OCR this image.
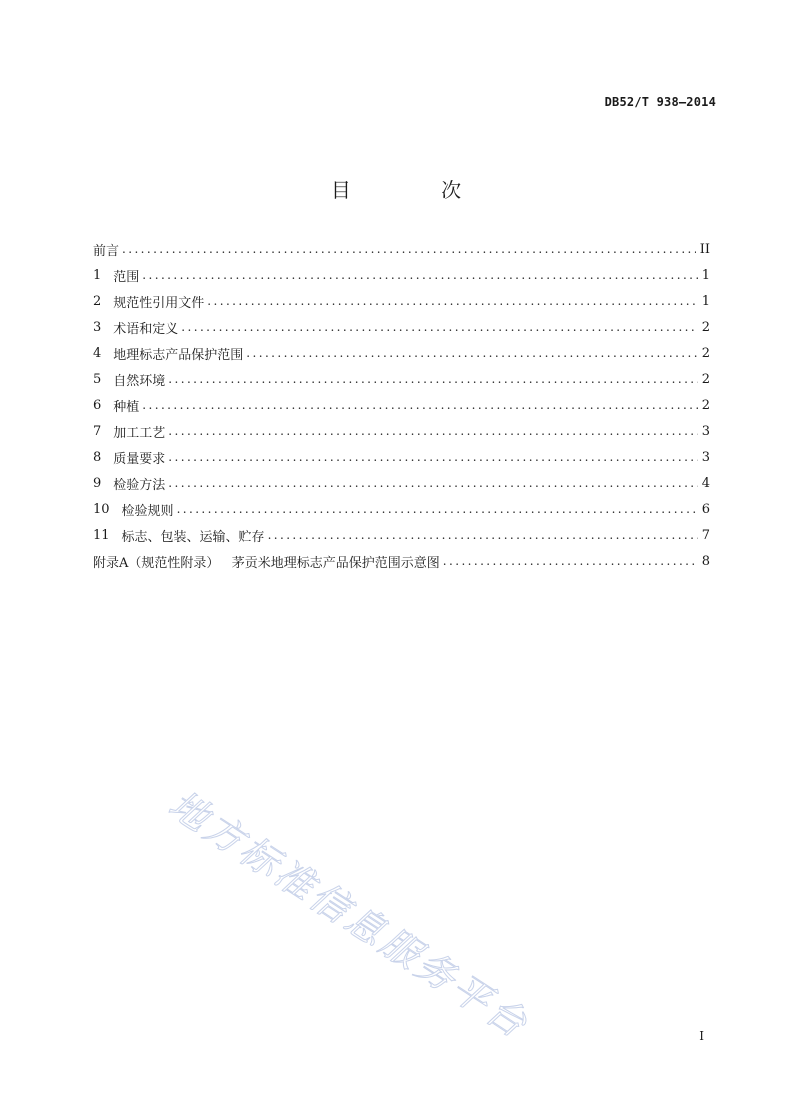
DB52/T 938—2014
目 次
前言 .....	II
1 范围 .....	1
2 规范性引用文件 .....	1
3 术语和定义 .....	2
4 地理标志产品保护范围 .....	2
5 自然环境 .....	2
6 种植 .....	2
7 加工工艺 .....	3
8 质量要求 .....	3
9 检验方法 .....	4
10 检验规则 .....	6
11 标志、包装、运输、贮存 .....	7
附录A（规范性附录）   茅贡米地理标志产品保护范围示意图 .....	8
地方标准信息服务平台	I
